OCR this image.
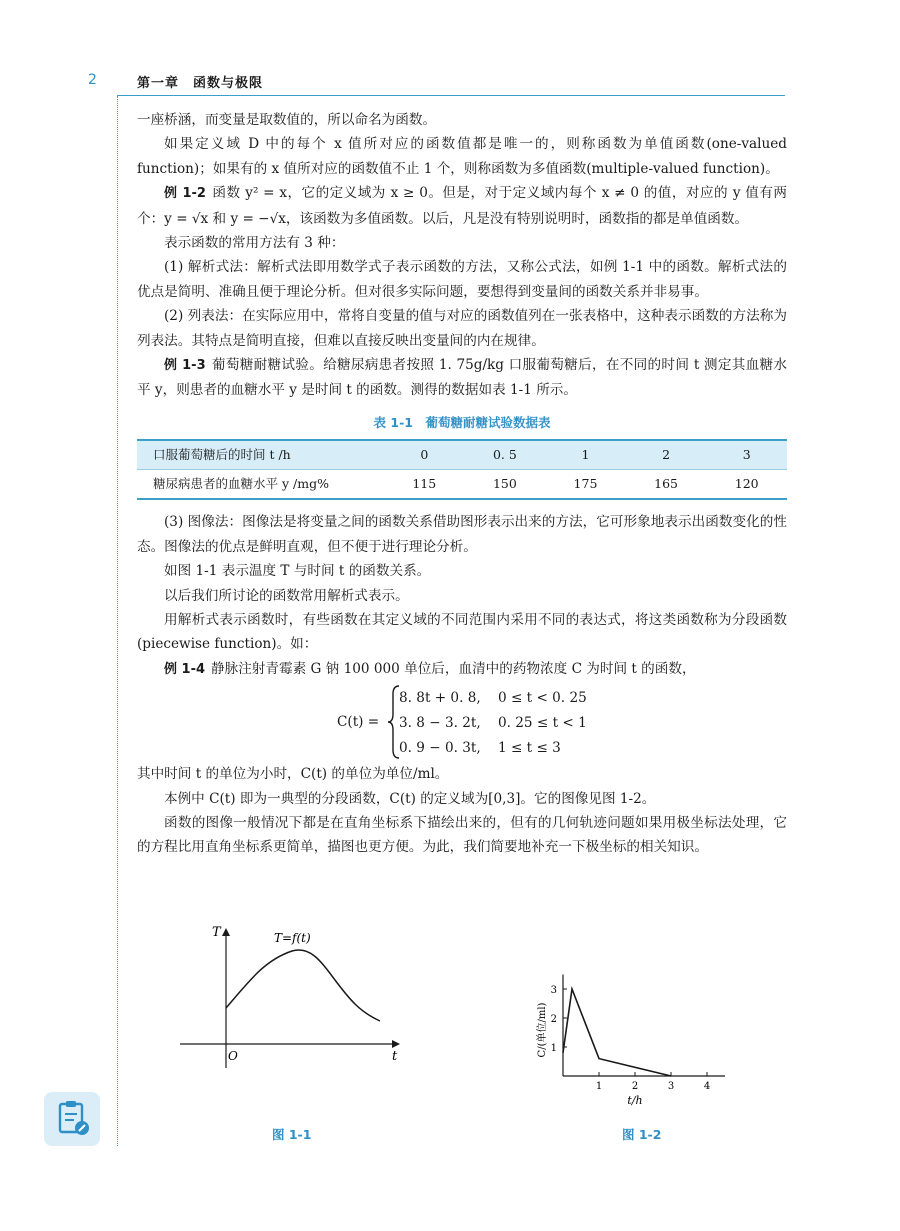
2	第一章　函数与极限

一座桥涵，而变量是取数值的，所以命名为函数。

如果定义域 D 中的每个 x 值所对应的函数值都是唯一的，则称函数为单值函数(one-valued function)；如果有的 x 值所对应的函数值不止 1 个，则称函数为多值函数(multiple-valued function)。

例 1-2 函数 y² = x，它的定义域为 x ≥ 0。但是，对于定义域内每个 x ≠ 0 的值，对应的 y 值有两个：y = √x 和 y = −√x，该函数为多值函数。以后，凡是没有特别说明时，函数指的都是单值函数。

表示函数的常用方法有 3 种：

(1) 解析式法：解析式法即用数学式子表示函数的方法，又称公式法，如例 1-1 中的函数。解析式法的优点是简明、准确且便于理论分析。但对很多实际问题，要想得到变量间的函数关系并非易事。

(2) 列表法：在实际应用中，常将自变量的值与对应的函数值列在一张表格中，这种表示函数的方法称为列表法。其特点是简明直接，但难以直接反映出变量间的内在规律。

例 1-3 葡萄糖耐糖试验。给糖尿病患者按照 1. 75g/kg 口服葡萄糖后，在不同的时间 t 测定其血糖水平 y，则患者的血糖水平 y 是时间 t 的函数。测得的数据如表 1-1 所示。

表 1-1　葡萄糖耐糖试验数据表
口服葡萄糖后的时间 t /h	0	0. 5	1	2	3
糖尿病患者的血糖水平 y /mg%	115	150	175	165	120

(3) 图像法：图像法是将变量之间的函数关系借助图形表示出来的方法，它可形象地表示出函数变化的性态。图像法的优点是鲜明直观，但不便于进行理论分析。

如图 1-1 表示温度 T 与时间 t 的函数关系。

以后我们所讨论的函数常用解析式表示。

用解析式表示函数时，有些函数在其定义域的不同范围内采用不同的表达式，将这类函数称为分段函数(piecewise function)。如：

例 1-4 静脉注射青霉素 G 钠 100 000 单位后，血清中的药物浓度 C 为时间 t 的函数，

C(t) =
8. 8t + 0. 8,    0 ≤ t < 0. 25
3. 8 − 3. 2t,    0. 25 ≤ t < 1
0. 9 − 0. 3t,    1 ≤ t ≤ 3

其中时间 t 的单位为小时，C(t) 的单位为单位/ml。

本例中 C(t) 即为一典型的分段函数，C(t) 的定义域为[0,3]。它的图像见图 1-2。

函数的图像一般情况下都是在直角坐标系下描绘出来的，但有的几何轨迹问题如果用极坐标法处理，它的方程比用直角坐标系更简单，描图也更方便。为此，我们简要地补充一下极坐标的相关知识。

T
t
O
T=f(t)
图 1-1
1	2	3	4
1
2
3
t/h
C/(单位/ml)
图 1-2
